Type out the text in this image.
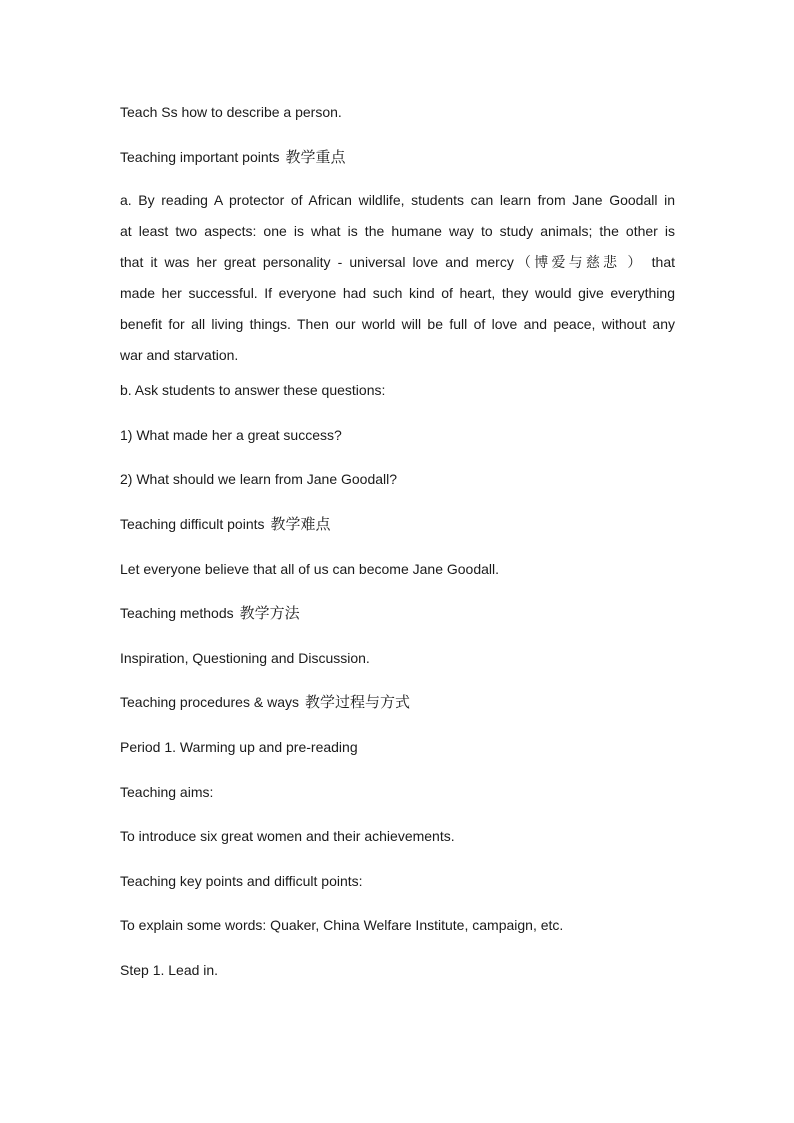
Teach Ss how to describe a person.

Teaching important points 教学重点

a. By reading A protector of African wildlife, students can learn from Jane Goodall in
at least two aspects: one is what is the humane way to study animals; the other is
that it was her great personality - universal love and mercy（博爱与慈悲 ） that
made her successful. If everyone had such kind of heart, they would give everything
benefit for all living things. Then our world will be full of love and peace, without any
war and starvation.

b. Ask students to answer these questions:

1) What made her a great success?

2) What should we learn from Jane Goodall?

Teaching difficult points 教学难点

Let everyone believe that all of us can become Jane Goodall.

Teaching methods 教学方法

Inspiration, Questioning and Discussion.

Teaching procedures & ways 教学过程与方式

Period 1. Warming up and pre-reading

Teaching aims:

To introduce six great women and their achievements.

Teaching key points and difficult points:

To explain some words: Quaker, China Welfare Institute, campaign, etc.

Step 1. Lead in.
